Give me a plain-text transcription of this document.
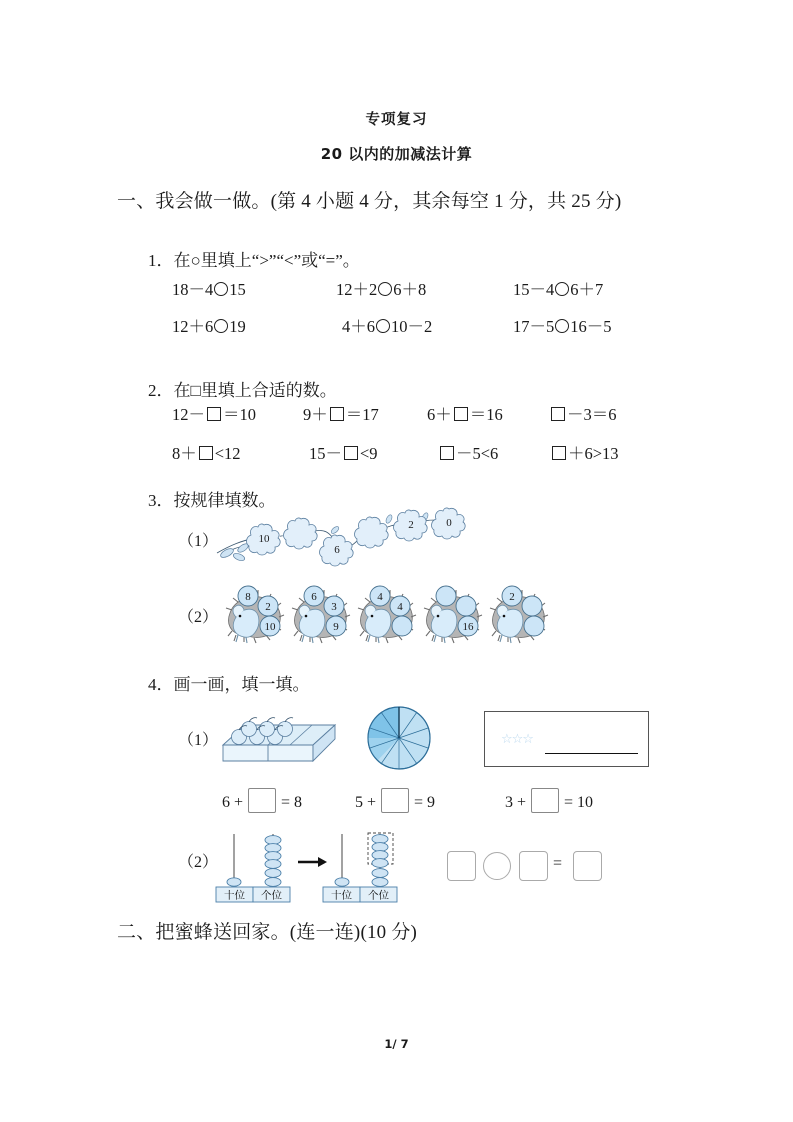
专项复习
20 以内的加减法计算
一、我会做一做。(第 4 小题 4 分，其余每空 1 分，共 25 分)
1．在○里填上“>”“<”或“=”。
18－4 15	12＋2 6＋8	15－4 6＋7
12＋6 19	4＋6 10－2	17－5 16－5
2．在□里填上合适的数。
12－ ＝10	9＋ ＝17	6＋ ＝16	－3＝6
8＋ <12	15－ <9	－5<6	＋6>13
3．按规律填数。
（1）
（2）
10
6
2	0
8
2
10
6
3
9
4
4
16
2
4．画一画，填一填。
（1）
（2）
☆☆☆
6 + = 8	5 + = 9	3 + = 10
十位 个位	十位 个位
=
二、把蜜蜂送回家。(连一连)(10 分)
1/ 7
